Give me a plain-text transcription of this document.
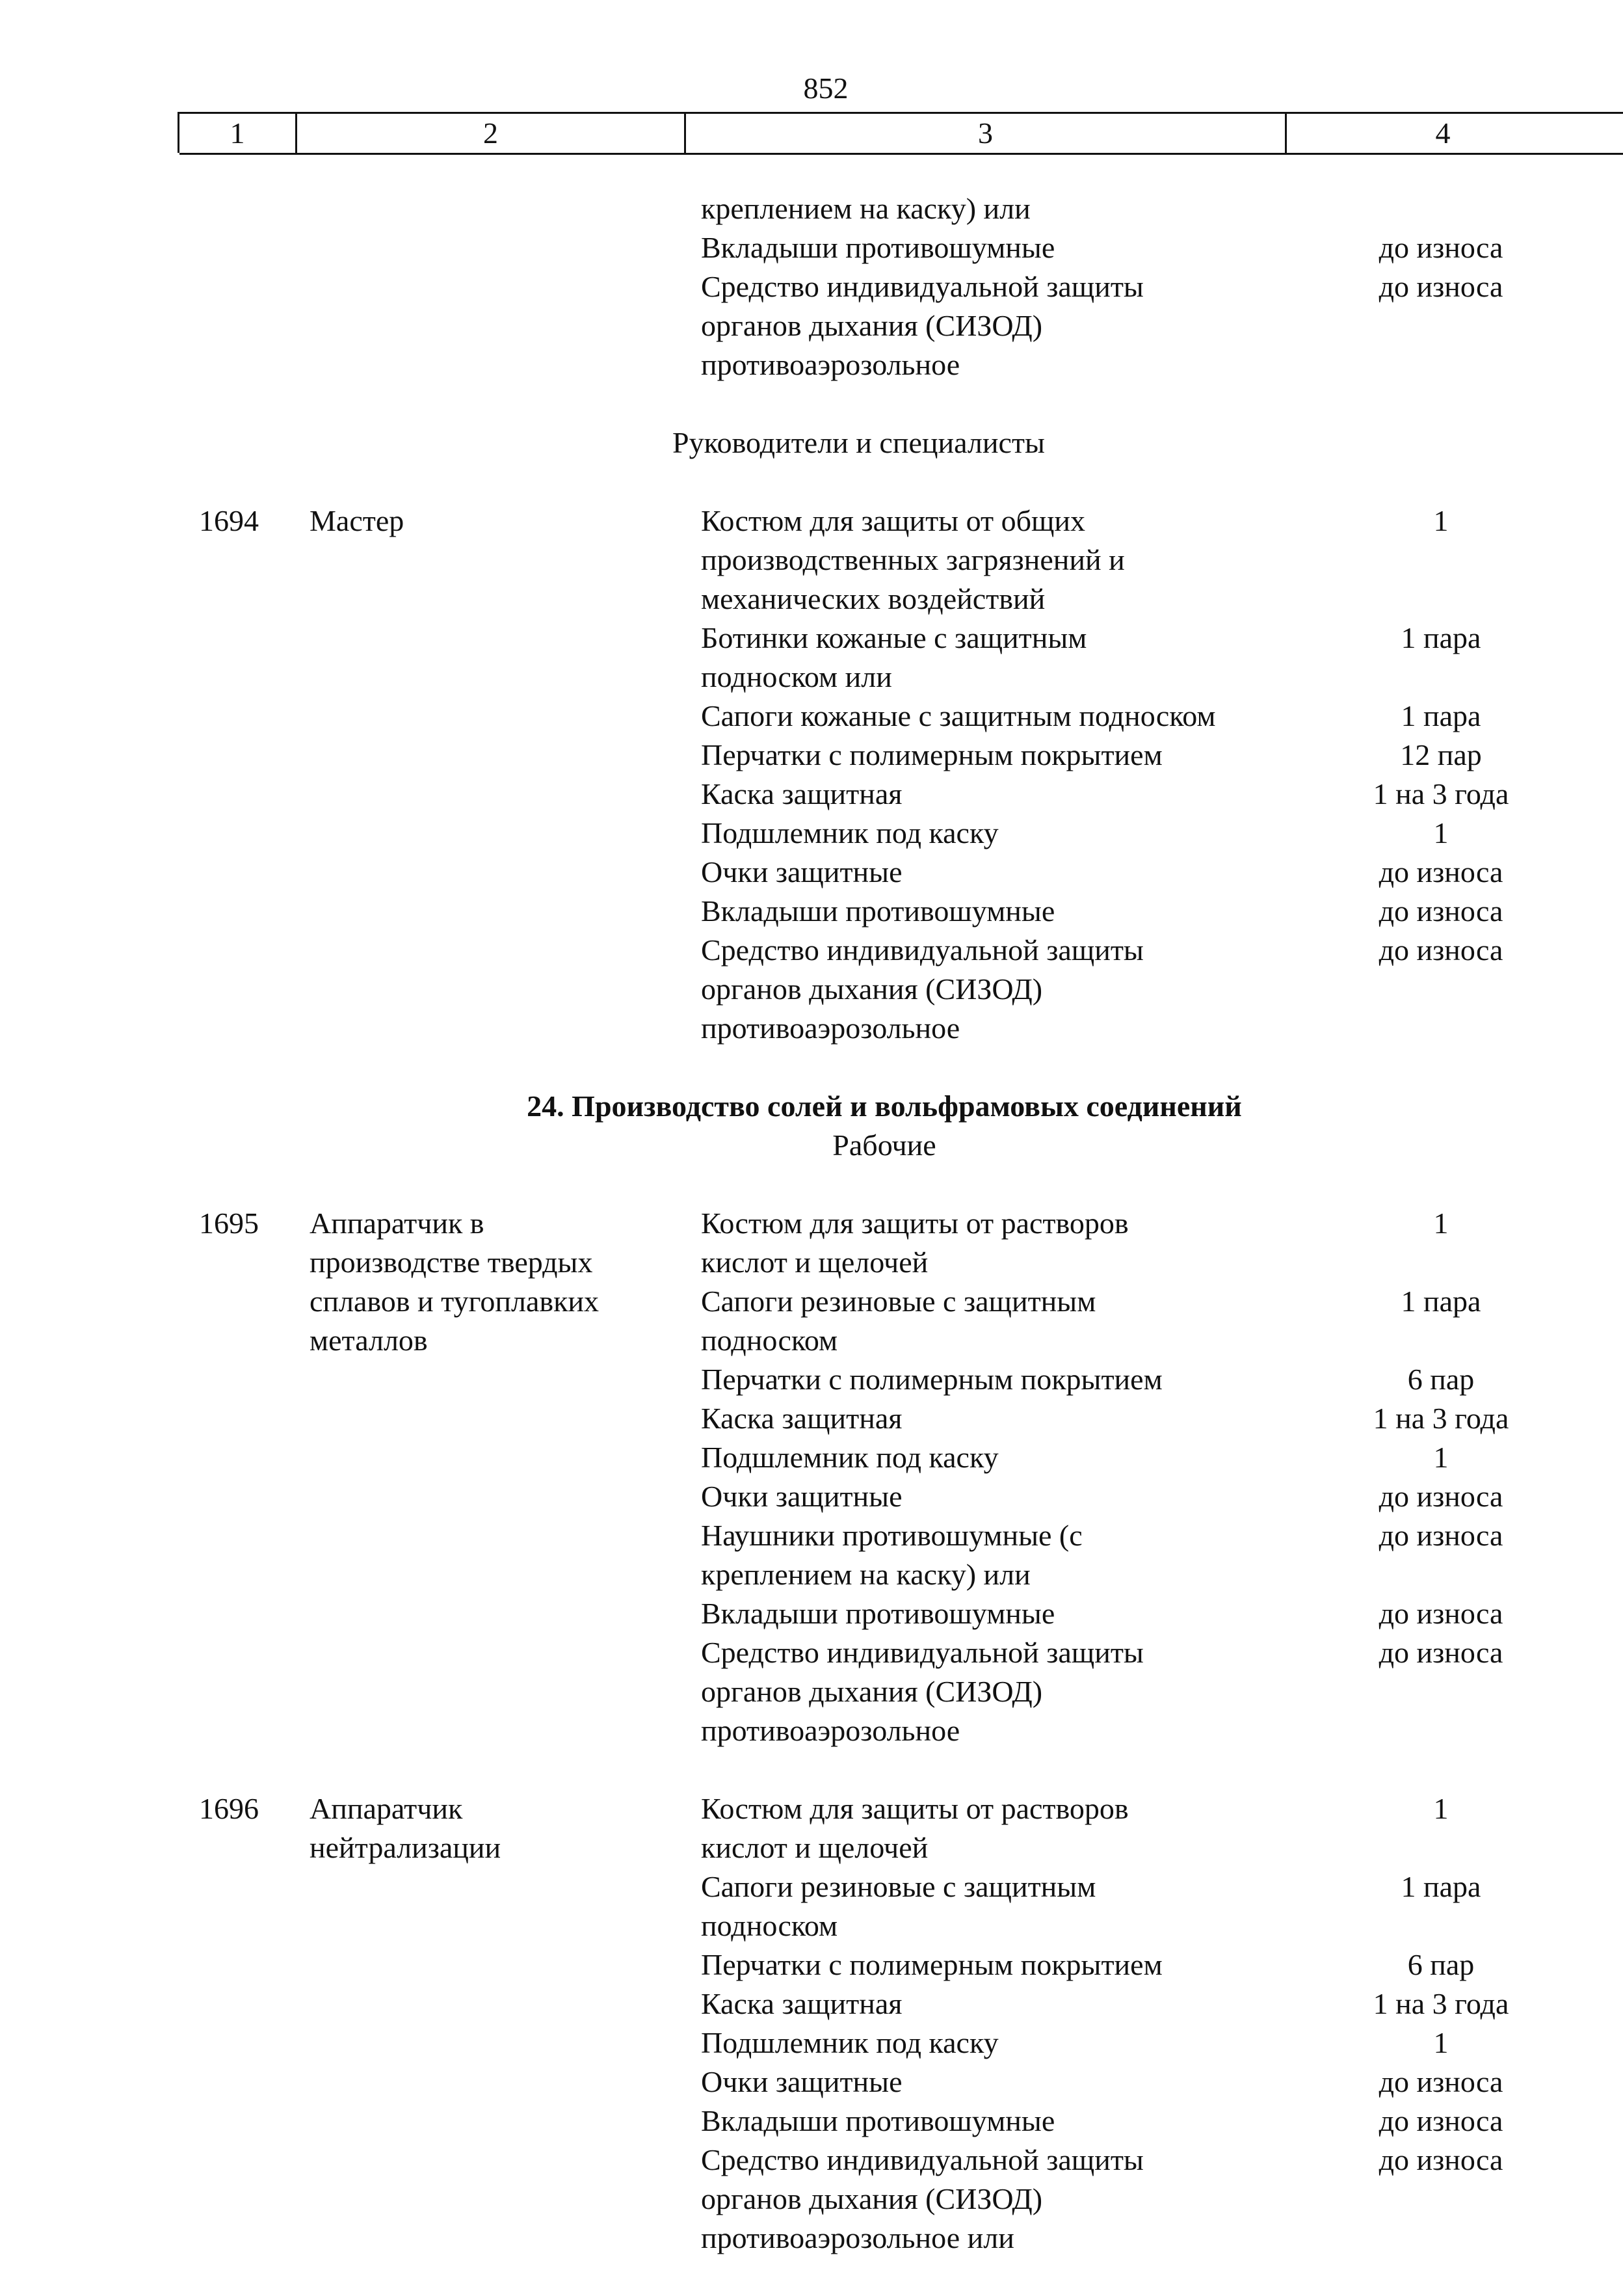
852
1	2	3	4
креплением на каску) или
Вкладыши противошумные	до износа
Средство индивидуальной защиты	до износа
органов дыхания (СИЗОД)
противоаэрозольное
Руководители и специалисты
1694 Мастер	Костюм для защиты от общих	1
производственных загрязнений и
механических воздействий
Ботинки кожаные с защитным	1 пара
подноском или
Сапоги кожаные с защитным подноском	1 пара
Перчатки с полимерным покрытием	12 пар
Каска защитная	1 на 3 года
Подшлемник под каску	1
Очки защитные	до износа
Вкладыши противошумные	до износа
Средство индивидуальной защиты	до износа
органов дыхания (СИЗОД)
противоаэрозольное
24. Производство солей и вольфрамовых соединений
Рабочие
1695 Аппаратчик в
производстве твердых
сплавов и тугоплавких
металлов
Костюм для защиты от растворов	1
кислот и щелочей
Сапоги резиновые с защитным	1 пара
подноском
Перчатки с полимерным покрытием	6 пар
Каска защитная	1 на 3 года
Подшлемник под каску	1
Очки защитные	до износа
Наушники противошумные (с	до износа
креплением на каску) или
Вкладыши противошумные	до износа
Средство индивидуальной защиты	до износа
органов дыхания (СИЗОД)
противоаэрозольное
1696 Аппаратчик
нейтрализации
Костюм для защиты от растворов	1
кислот и щелочей
Сапоги резиновые с защитным	1 пара
подноском
Перчатки с полимерным покрытием	6 пар
Каска защитная	1 на 3 года
Подшлемник под каску	1
Очки защитные	до износа
Вкладыши противошумные	до износа
Средство индивидуальной защиты	до износа
органов дыхания (СИЗОД)
противоаэрозольное или
